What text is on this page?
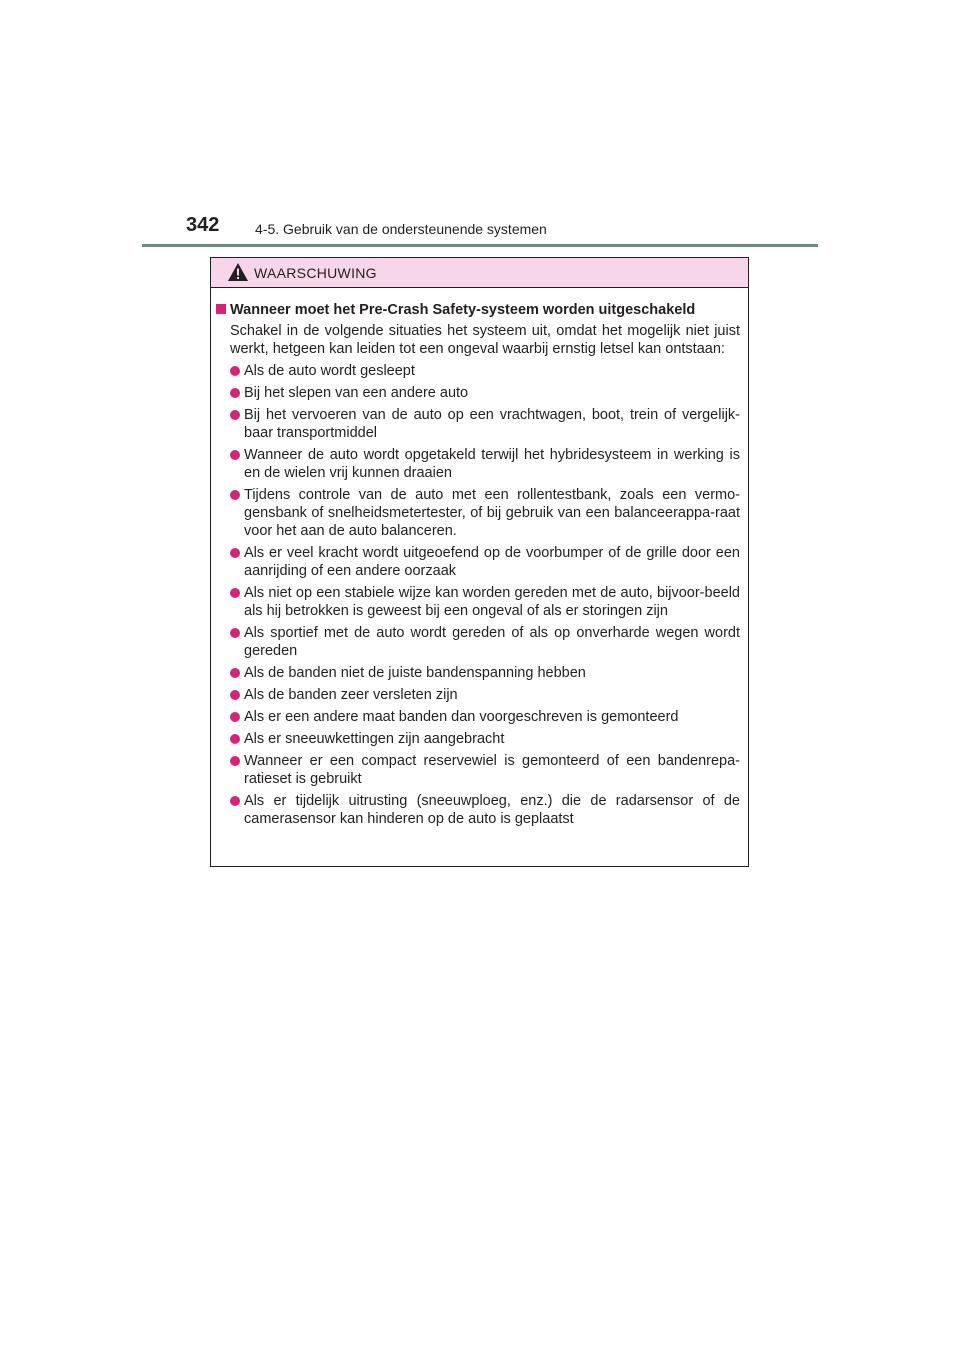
342	4-5. Gebruik van de ondersteunende systemen
WAARSCHUWING
Wanneer moet het Pre-Crash Safety-systeem worden uitgeschakeld

Schakel in de volgende situaties het systeem uit, omdat het mogelijk niet juist werkt, hetgeen kan leiden tot een ongeval waarbij ernstig letsel kan ontstaan:

Als de auto wordt gesleept
Bij het slepen van een andere auto
Bij het vervoeren van de auto op een vrachtwagen, boot, trein of vergelijk-baar transportmiddel
Wanneer de auto wordt opgetakeld terwijl het hybridesysteem in werking is en de wielen vrij kunnen draaien
Tijdens controle van de auto met een rollentestbank, zoals een vermo-gensbank of snelheidsmetertester, of bij gebruik van een balanceerappa-raat voor het aan de auto balanceren.
Als er veel kracht wordt uitgeoefend op de voorbumper of de grille door een aanrijding of een andere oorzaak
Als niet op een stabiele wijze kan worden gereden met de auto, bijvoor-beeld als hij betrokken is geweest bij een ongeval of als er storingen zijn
Als sportief met de auto wordt gereden of als op onverharde wegen wordt gereden
Als de banden niet de juiste bandenspanning hebben
Als de banden zeer versleten zijn
Als er een andere maat banden dan voorgeschreven is gemonteerd
Als er sneeuwkettingen zijn aangebracht
Wanneer er een compact reservewiel is gemonteerd of een bandenrepa-ratieset is gebruikt
Als er tijdelijk uitrusting (sneeuwploeg, enz.) die de radarsensor of de camerasensor kan hinderen op de auto is geplaatst
